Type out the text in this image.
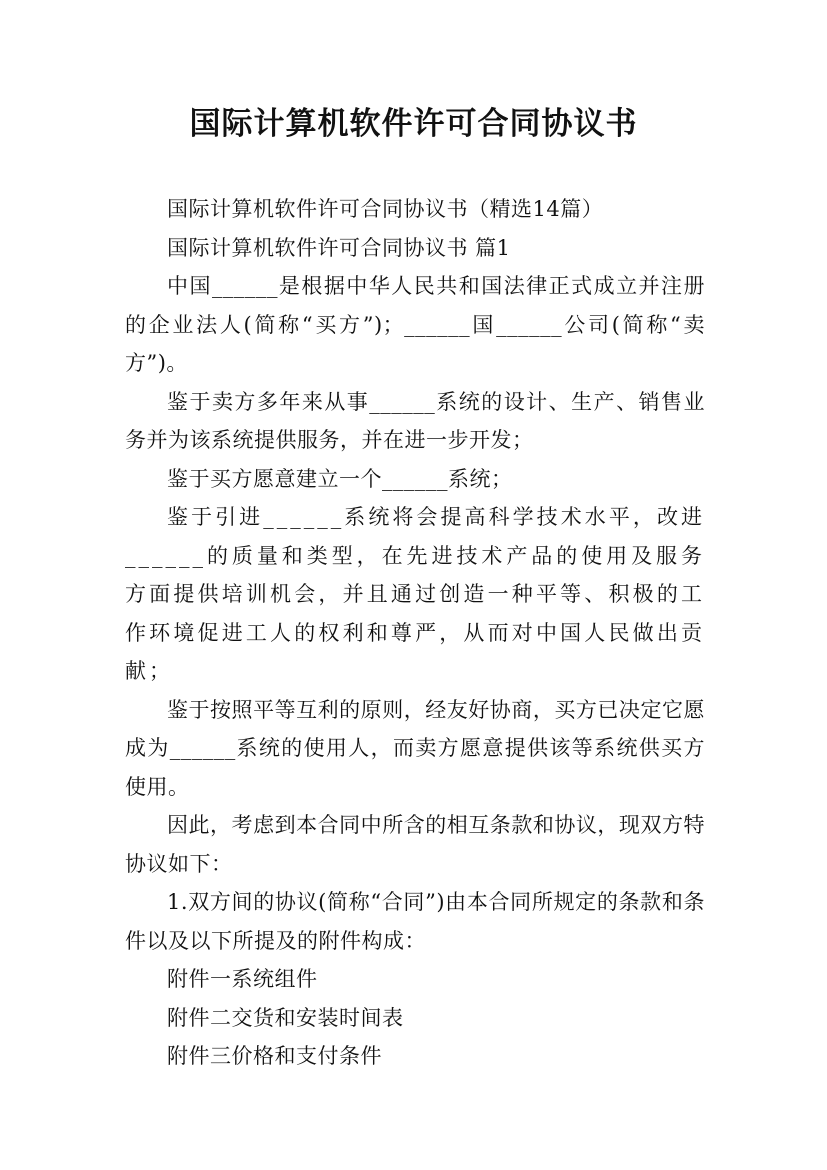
国际计算机软件许可合同协议书

国际计算机软件许可合同协议书（精选14篇）

国际计算机软件许可合同协议书 篇1

中国______是根据中华人民共和国法律正式成立并注册的企业法人(简称“买方”)；______国______公司(简称“卖方”)。

鉴于卖方多年来从事______系统的设计、生产、销售业务并为该系统提供服务，并在进一步开发；

鉴于买方愿意建立一个______系统；

鉴于引进______系统将会提高科学技术水平，改进______的质量和类型，在先进技术产品的使用及服务方面提供培训机会，并且通过创造一种平等、积极的工作环境促进工人的权利和尊严，从而对中国人民做出贡献；

鉴于按照平等互利的原则，经友好协商，买方已决定它愿成为______系统的使用人，而卖方愿意提供该等系统供买方使用。

因此，考虑到本合同中所含的相互条款和协议，现双方特协议如下：

1.双方间的协议(简称“合同”)由本合同所规定的条款和条件以及以下所提及的附件构成：

附件一系统组件

附件二交货和安装时间表

附件三价格和支付条件
